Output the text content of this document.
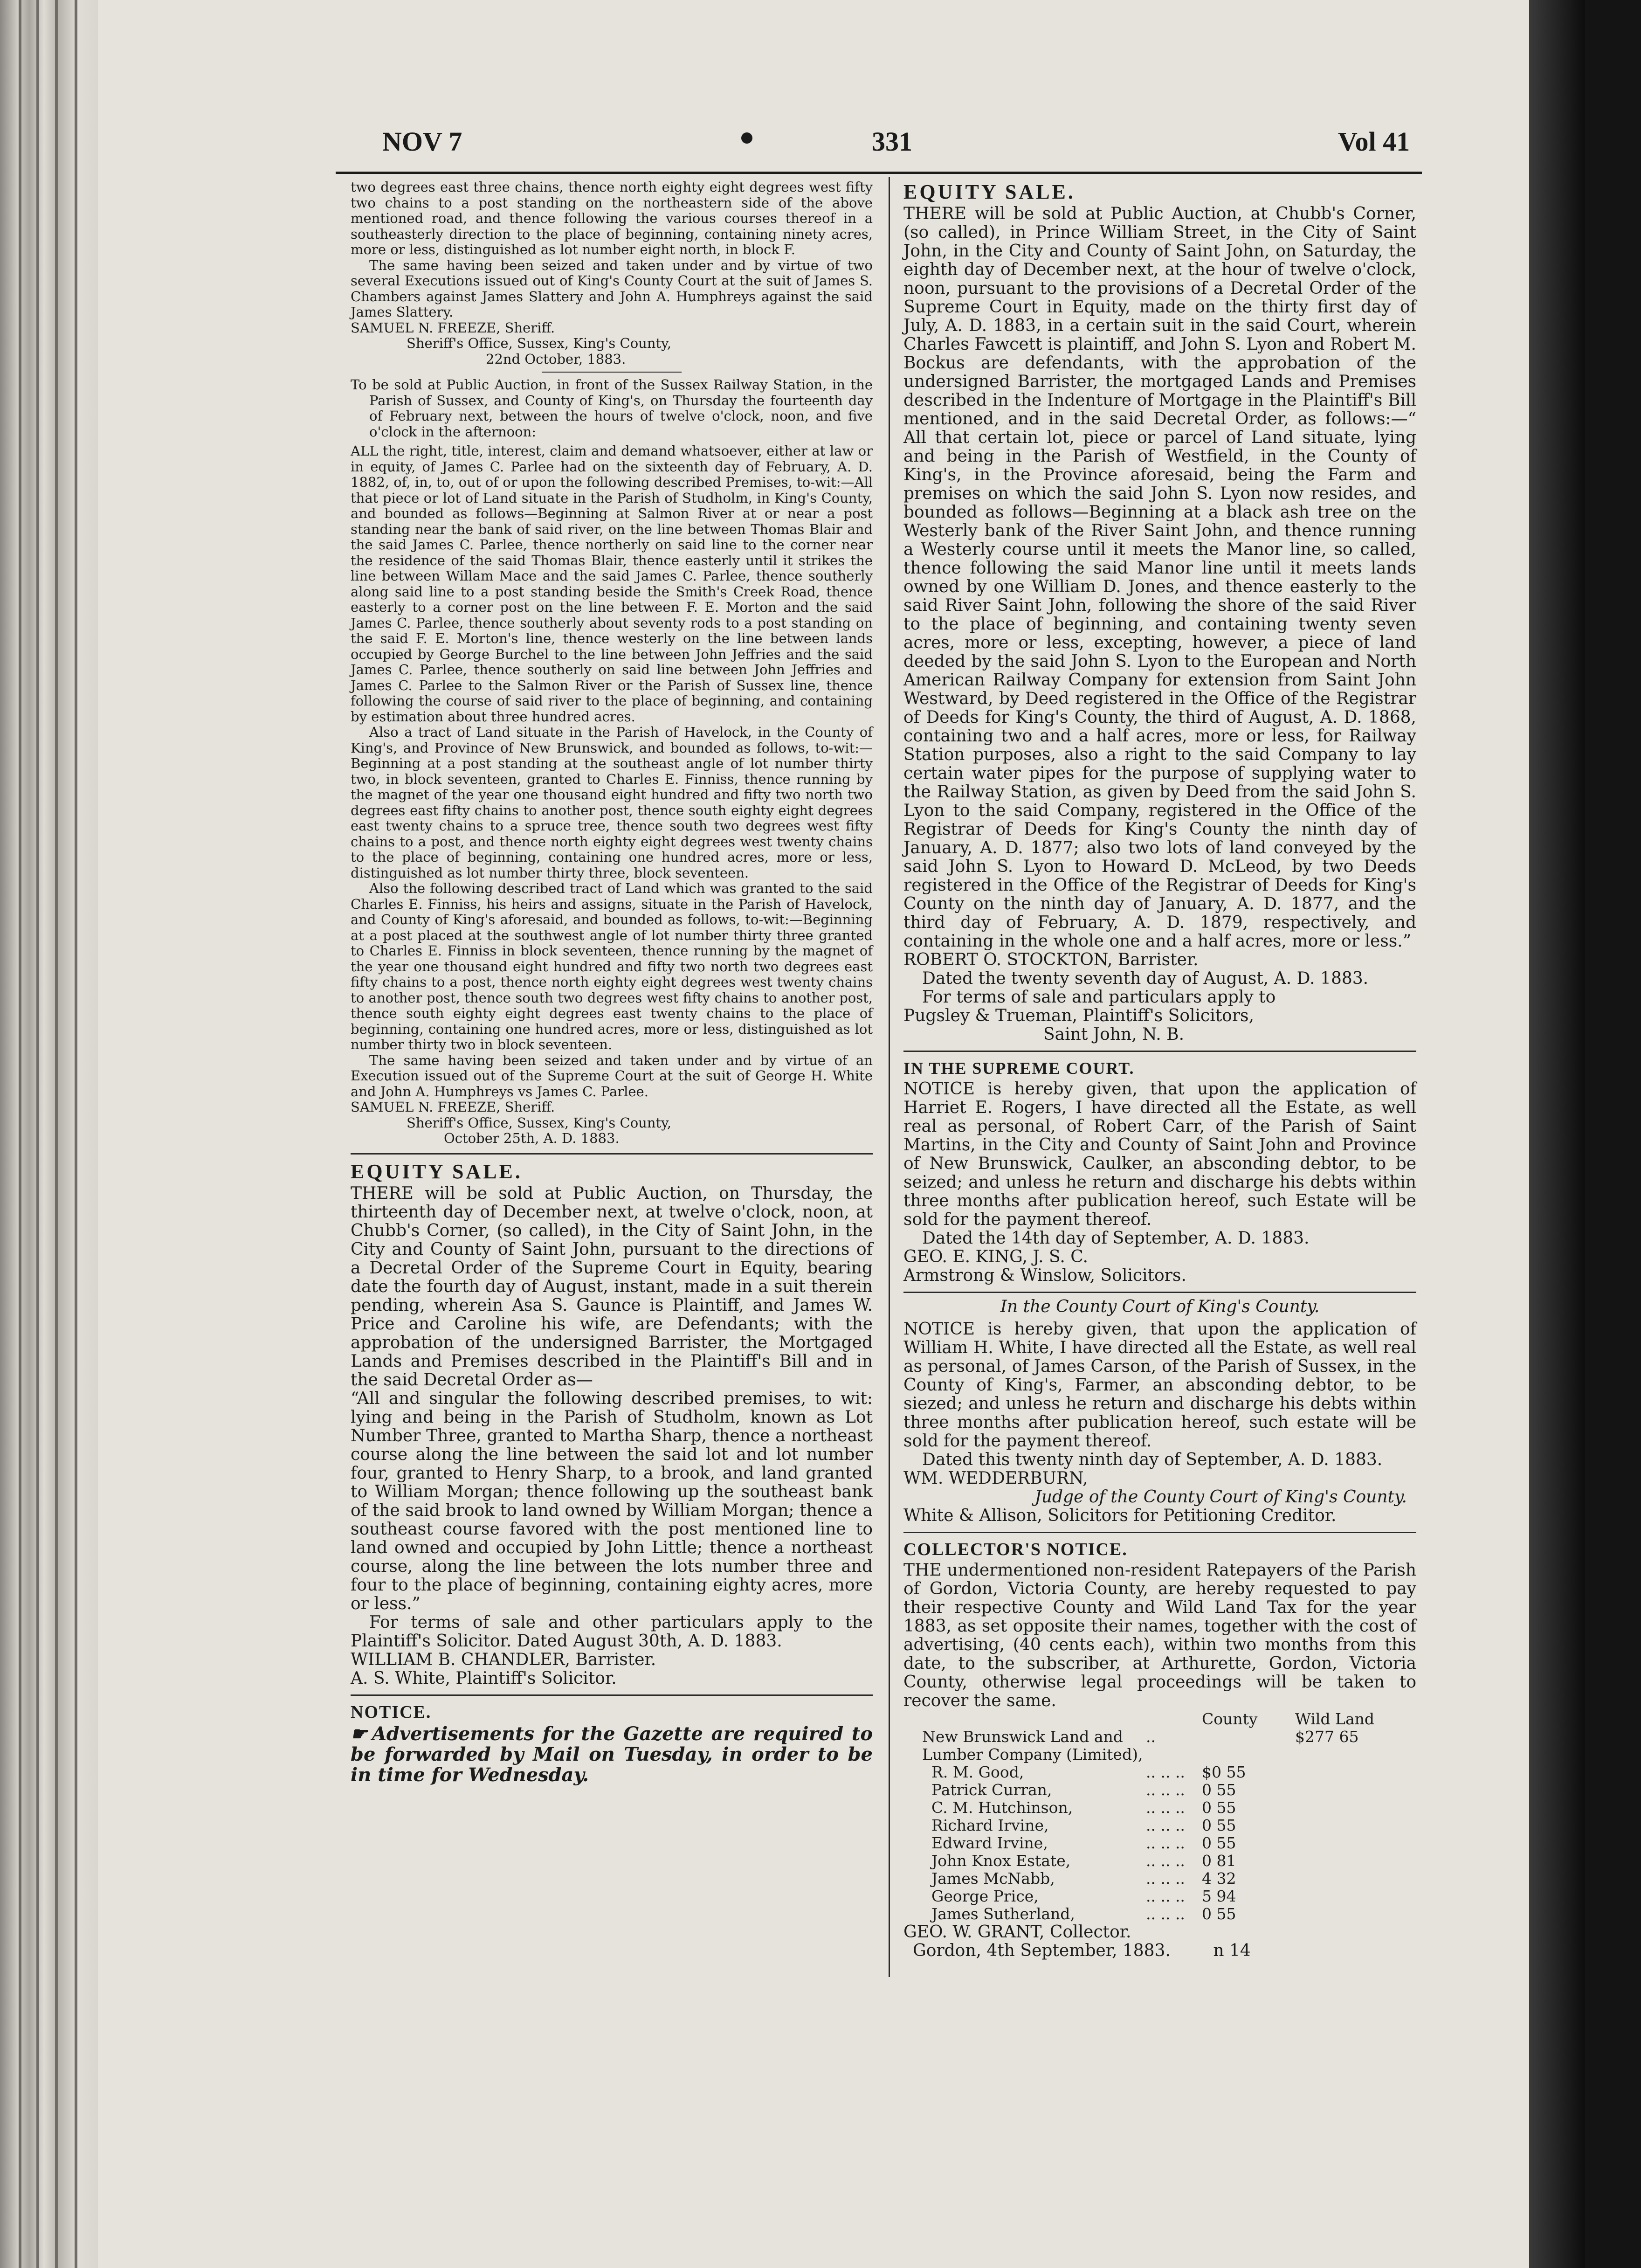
NOV 7	331	Vol 41

two degrees east three chains, thence north eighty eight degrees west fifty two chains to a post standing on the northeastern side of the above mentioned road, and thence following the various courses thereof in a southeasterly direction to the place of beginning, containing ninety acres, more or less, distinguished as lot number eight north, in block F.

The same having been seized and taken under and by virtue of two several Executions issued out of King's County Court at the suit of James S. Chambers against James Slattery and John A. Humphreys against the said James Slattery.

SAMUEL N. FREEZE, Sheriff.

Sheriff's Office, Sussex, King's County,

22nd October, 1883.

To be sold at Public Auction, in front of the Sussex Railway Station, in the Parish of Sussex, and County of King's, on Thursday the fourteenth day of February next, between the hours of twelve o'clock, noon, and five o'clock in the afternoon:

ALL the right, title, interest, claim and demand whatsoever, either at law or in equity, of James C. Parlee had on the sixteenth day of February, A. D. 1882, of, in, to, out of or upon the following described Premises, to-wit:—All that piece or lot of Land situate in the Parish of Studholm, in King's County, and bounded as follows—Beginning at Salmon River at or near a post standing near the bank of said river, on the line between Thomas Blair and the said James C. Parlee, thence northerly on said line to the corner near the residence of the said Thomas Blair, thence easterly until it strikes the line between Willam Mace and the said James C. Parlee, thence southerly along said line to a post standing beside the Smith's Creek Road, thence easterly to a corner post on the line between F. E. Morton and the said James C. Parlee, thence southerly about seventy rods to a post standing on the said F. E. Morton's line, thence westerly on the line between lands occupied by George Burchel to the line between John Jeffries and the said James C. Parlee, thence southerly on said line between John Jeffries and James C. Parlee to the Salmon River or the Parish of Sussex line, thence following the course of said river to the place of beginning, and containing by estimation about three hundred acres.

Also a tract of Land situate in the Parish of Havelock, in the County of King's, and Province of New Brunswick, and bounded as follows, to-wit:—Beginning at a post standing at the southeast angle of lot number thirty two, in block seventeen, granted to Charles E. Finniss, thence running by the magnet of the year one thousand eight hundred and fifty two north two degrees east fifty chains to another post, thence south eighty eight degrees east twenty chains to a spruce tree, thence south two degrees west fifty chains to a post, and thence north eighty eight degrees west twenty chains to the place of beginning, containing one hundred acres, more or less, distinguished as lot number thirty three, block seventeen.

Also the following described tract of Land which was granted to the said Charles E. Finniss, his heirs and assigns, situate in the Parish of Havelock, and County of King's aforesaid, and bounded as follows, to-wit:—Beginning at a post placed at the southwest angle of lot number thirty three granted to Charles E. Finniss in block seventeen, thence running by the magnet of the year one thousand eight hundred and fifty two north two degrees east fifty chains to a post, thence north eighty eight degrees west twenty chains to another post, thence south two degrees west fifty chains to another post, thence south eighty eight degrees east twenty chains to the place of beginning, containing one hundred acres, more or less, distinguished as lot number thirty two in block seventeen.

The same having been seized and taken under and by virtue of an Execution issued out of the Supreme Court at the suit of George H. White and John A. Humphreys vs James C. Parlee.

SAMUEL N. FREEZE, Sheriff.

Sheriff's Office, Sussex, King's County,

October 25th, A. D. 1883.

EQUITY SALE.

THERE will be sold at Public Auction, on Thursday, the thirteenth day of December next, at twelve o'clock, noon, at Chubb's Corner, (so called), in the City of Saint John, in the City and County of Saint John, pursuant to the directions of a Decretal Order of the Supreme Court in Equity, bearing date the fourth day of August, instant, made in a suit therein pending, wherein Asa S. Gaunce is Plaintiff, and James W. Price and Caroline his wife, are Defendants; with the approbation of the undersigned Barrister, the Mortgaged Lands and Premises described in the Plaintiff's Bill and in the said Decretal Order as—

“All and singular the following described premises, to wit: lying and being in the Parish of Studholm, known as Lot Number Three, granted to Martha Sharp, thence a northeast course along the line between the said lot and lot number four, granted to Henry Sharp, to a brook, and land granted to William Morgan; thence following up the southeast bank of the said brook to land owned by William Morgan; thence a southeast course favored with the post mentioned line to land owned and occupied by John Little; thence a northeast course, along the line between the lots number three and four to the place of beginning, containing eighty acres, more or less.”

For terms of sale and other particulars apply to the Plaintiff's Solicitor. Dated August 30th, A. D. 1883.

WILLIAM B. CHANDLER, Barrister.

A. S. White, Plaintiff's Solicitor.

NOTICE.

☛ Advertisements for the Gazette are required to be forwarded by Mail on Tuesday, in order to be in time for Wednesday.

EQUITY SALE.

THERE will be sold at Public Auction, at Chubb's Corner, (so called), in Prince William Street, in the City of Saint John, in the City and County of Saint John, on Saturday, the eighth day of December next, at the hour of twelve o'clock, noon, pursuant to the provisions of a Decretal Order of the Supreme Court in Equity, made on the thirty first day of July, A. D. 1883, in a certain suit in the said Court, wherein Charles Fawcett is plaintiff, and John S. Lyon and Robert M. Bockus are defendants, with the approbation of the undersigned Barrister, the mortgaged Lands and Premises described in the Indenture of Mortgage in the Plaintiff's Bill mentioned, and in the said Decretal Order, as follows:—“ All that certain lot, piece or parcel of Land situate, lying and being in the Parish of Westfield, in the County of King's, in the Province aforesaid, being the Farm and premises on which the said John S. Lyon now resides, and bounded as follows—Beginning at a black ash tree on the Westerly bank of the River Saint John, and thence running a Westerly course until it meets the Manor line, so called, thence following the said Manor line until it meets lands owned by one William D. Jones, and thence easterly to the said River Saint John, following the shore of the said River to the place of beginning, and containing twenty seven acres, more or less, excepting, however, a piece of land deeded by the said John S. Lyon to the European and North American Railway Company for extension from Saint John Westward, by Deed registered in the Office of the Registrar of Deeds for King's County, the third of August, A. D. 1868, containing two and a half acres, more or less, for Railway Station purposes, also a right to the said Company to lay certain water pipes for the purpose of supplying water to the Railway Station, as given by Deed from the said John S. Lyon to the said Company, registered in the Office of the Registrar of Deeds for King's County the ninth day of January, A. D. 1877; also two lots of land conveyed by the said John S. Lyon to Howard D. McLeod, by two Deeds registered in the Office of the Registrar of Deeds for King's County on the ninth day of January, A. D. 1877, and the third day of February, A. D. 1879, respectively, and containing in the whole one and a half acres, more or less.”

ROBERT O. STOCKTON, Barrister.

Dated the twenty seventh day of August, A. D. 1883.

For terms of sale and particulars apply to

Pugsley & Trueman, Plaintiff's Solicitors,

Saint John, N. B.

IN THE SUPREME COURT.

NOTICE is hereby given, that upon the application of Harriet E. Rogers, I have directed all the Estate, as well real as personal, of Robert Carr, of the Parish of Saint Martins, in the City and County of Saint John and Province of New Brunswick, Caulker, an absconding debtor, to be seized; and unless he return and discharge his debts within three months after publication hereof, such Estate will be sold for the payment thereof.

Dated the 14th day of September, A. D. 1883.

GEO. E. KING, J. S. C.

Armstrong & Winslow, Solicitors.

In the County Court of King's County.

NOTICE is hereby given, that upon the application of William H. White, I have directed all the Estate, as well real as personal, of James Carson, of the Parish of Sussex, in the County of King's, Farmer, an absconding debtor, to be siezed; and unless he return and discharge his debts within three months after publication hereof, such estate will be sold for the payment thereof.

Dated this twenty ninth day of September, A. D. 1883.

WM. WEDDERBURN,

Judge of the County Court of King's County.

White & Allison, Solicitors for Petitioning Creditor.

COLLECTOR'S NOTICE.

THE undermentioned non-resident Ratepayers of the Parish of Gordon, Victoria County, are hereby requested to pay their respective County and Wild Land Tax for the year 1883, as set opposite their names, together with the cost of advertising, (40 cents each), within two months from this date, to the subscriber, at Arthurette, Gordon, Victoria County, otherwise legal proceedings will be taken to recover the same.

		County	Wild Land
New Brunswick Land and Lumber Company (Limited),	..		$277 65
R. M. Good,	.. .. ..	$0 55	
Patrick Curran,	.. .. ..	0 55	
C. M. Hutchinson,	.. .. ..	0 55	
Richard Irvine,	.. .. ..	0 55	
Edward Irvine,	.. .. ..	0 55	
John Knox Estate,	.. .. ..	0 81	
James McNabb,	.. .. ..	4 32	
George Price,	.. .. ..	5 94	
James Sutherland,	.. .. ..	0 55	

GEO. W. GRANT, Collector.

Gordon, 4th September, 1883.	n 14
